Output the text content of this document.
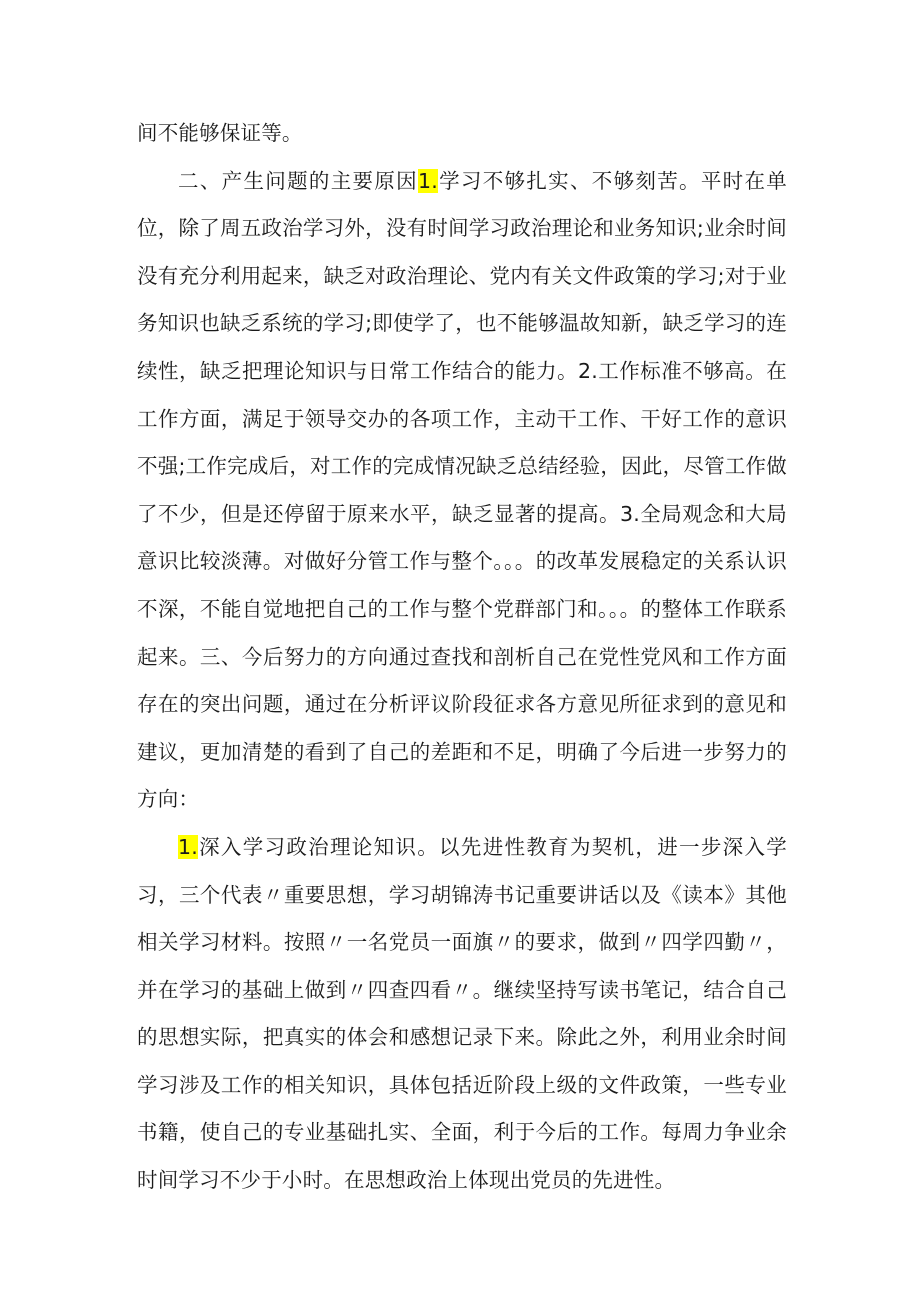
间不能够保证等。

二、产生问题的主要原因1.学习不够扎实、不够刻苦。平时在单位，除了周五政治学习外，没有时间学习政治理论和业务知识;业余时间没有充分利用起来，缺乏对政治理论、党内有关文件政策的学习;对于业务知识也缺乏系统的学习;即使学了，也不能够温故知新，缺乏学习的连续性，缺乏把理论知识与日常工作结合的能力。2.工作标准不够高。在工作方面，满足于领导交办的各项工作，主动干工作、干好工作的意识不强;工作完成后，对工作的完成情况缺乏总结经验，因此，尽管工作做了不少，但是还停留于原来水平，缺乏显著的提高。3.全局观念和大局意识比较淡薄。对做好分管工作与整个。。。的改革发展稳定的关系认识不深，不能自觉地把自己的工作与整个党群部门和。。。的整体工作联系起来。三、今后努力的方向通过查找和剖析自己在党性党风和工作方面存在的突出问题，通过在分析评议阶段征求各方意见所征求到的意见和建议，更加清楚的看到了自己的差距和不足，明确了今后进一步努力的方向：

1.深入学习政治理论知识。以先进性教育为契机，进一步深入学习，三个代表〃重要思想，学习胡锦涛书记重要讲话以及《读本》其他相关学习材料。按照〃一名党员一面旗〃的要求，做到〃四学四勤〃，并在学习的基础上做到〃四查四看〃。继续坚持写读书笔记，结合自己的思想实际，把真实的体会和感想记录下来。除此之外，利用业余时间学习涉及工作的相关知识，具体包括近阶段上级的文件政策，一些专业书籍，使自己的专业基础扎实、全面，利于今后的工作。每周力争业余时间学习不少于小时。在思想政治上体现出党员的先进性。
